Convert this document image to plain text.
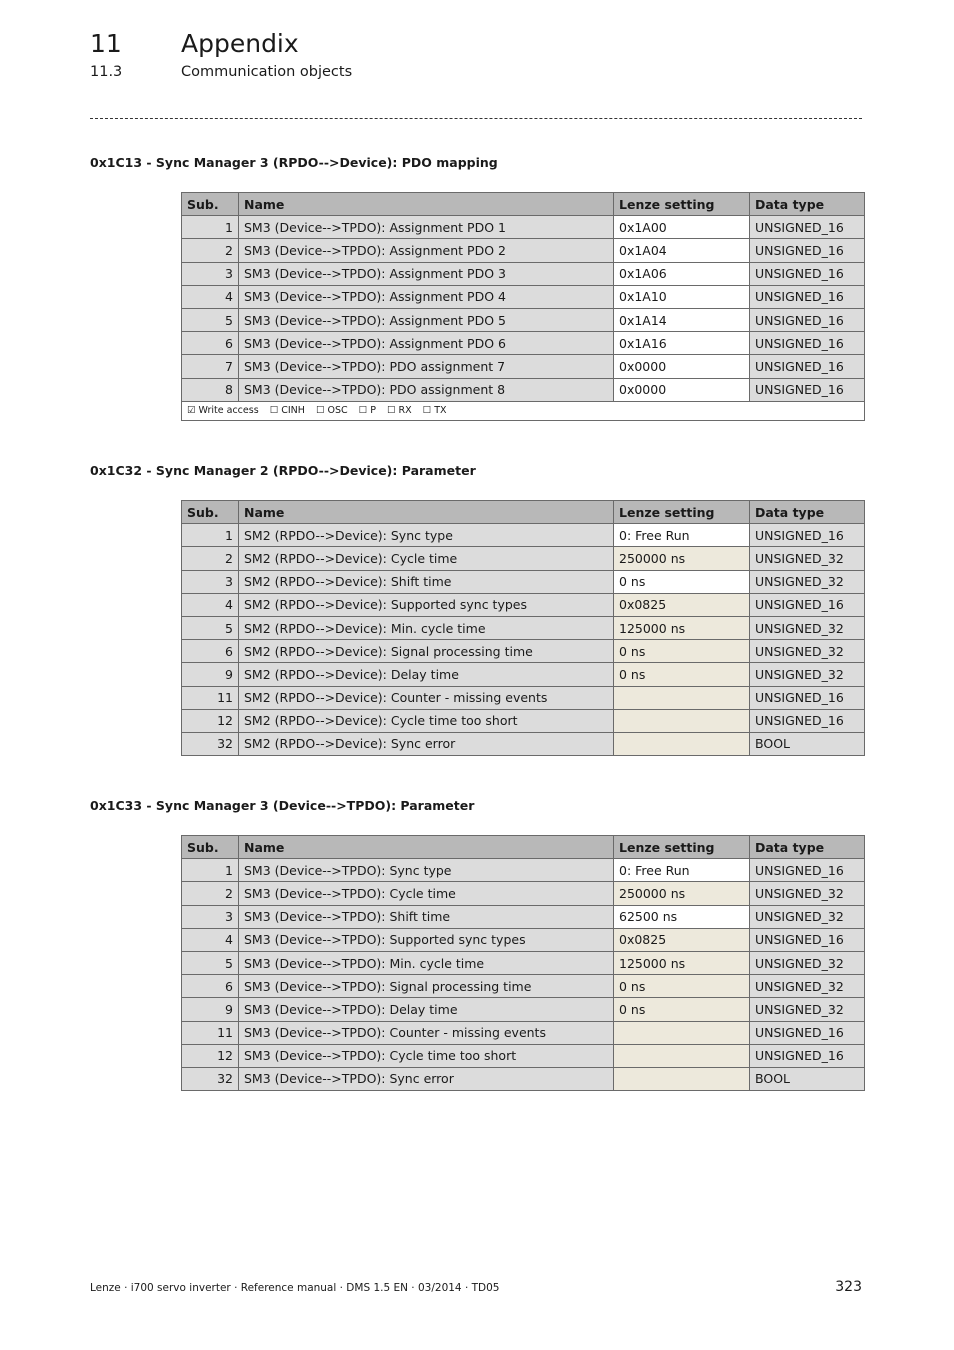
11 Appendix
11.3	Communication objects
0x1C13 - Sync Manager 3 (RPDO-->Device): PDO mapping
Sub.	Name	Lenze setting	Data type
1	SM3 (Device-->TPDO): Assignment PDO 1	0x1A00	UNSIGNED_16
2	SM3 (Device-->TPDO): Assignment PDO 2	0x1A04	UNSIGNED_16
3	SM3 (Device-->TPDO): Assignment PDO 3	0x1A06	UNSIGNED_16
4	SM3 (Device-->TPDO): Assignment PDO 4	0x1A10	UNSIGNED_16
5	SM3 (Device-->TPDO): Assignment PDO 5	0x1A14	UNSIGNED_16
6	SM3 (Device-->TPDO): Assignment PDO 6	0x1A16	UNSIGNED_16
7	SM3 (Device-->TPDO): PDO assignment 7	0x0000	UNSIGNED_16
8	SM3 (Device-->TPDO): PDO assignment 8	0x0000	UNSIGNED_16
☑ Write access ☐ CINH ☐ OSC ☐ P ☐ RX ☐ TX			
0x1C32 - Sync Manager 2 (RPDO-->Device): Parameter
Sub.	Name	Lenze setting	Data type
1	SM2 (RPDO-->Device): Sync type	0: Free Run	UNSIGNED_16
2	SM2 (RPDO-->Device): Cycle time	250000 ns	UNSIGNED_32
3	SM2 (RPDO-->Device): Shift time	0 ns	UNSIGNED_32
4	SM2 (RPDO-->Device): Supported sync types	0x0825	UNSIGNED_16
5	SM2 (RPDO-->Device): Min. cycle time	125000 ns	UNSIGNED_32
6	SM2 (RPDO-->Device): Signal processing time	0 ns	UNSIGNED_32
9	SM2 (RPDO-->Device): Delay time	0 ns	UNSIGNED_32
11	SM2 (RPDO-->Device): Counter - missing events		UNSIGNED_16
12	SM2 (RPDO-->Device): Cycle time too short		UNSIGNED_16
32	SM2 (RPDO-->Device): Sync error		BOOL
0x1C33 - Sync Manager 3 (Device-->TPDO): Parameter
Sub.	Name	Lenze setting	Data type
1	SM3 (Device-->TPDO): Sync type	0: Free Run	UNSIGNED_16
2	SM3 (Device-->TPDO): Cycle time	250000 ns	UNSIGNED_32
3	SM3 (Device-->TPDO): Shift time	62500 ns	UNSIGNED_32
4	SM3 (Device-->TPDO): Supported sync types	0x0825	UNSIGNED_16
5	SM3 (Device-->TPDO): Min. cycle time	125000 ns	UNSIGNED_32
6	SM3 (Device-->TPDO): Signal processing time	0 ns	UNSIGNED_32
9	SM3 (Device-->TPDO): Delay time	0 ns	UNSIGNED_32
11	SM3 (Device-->TPDO): Counter - missing events		UNSIGNED_16
12	SM3 (Device-->TPDO): Cycle time too short		UNSIGNED_16
32	SM3 (Device-->TPDO): Sync error		BOOL
Lenze · i700 servo inverter · Reference manual · DMS 1.5 EN · 03/2014 · TD05	323
